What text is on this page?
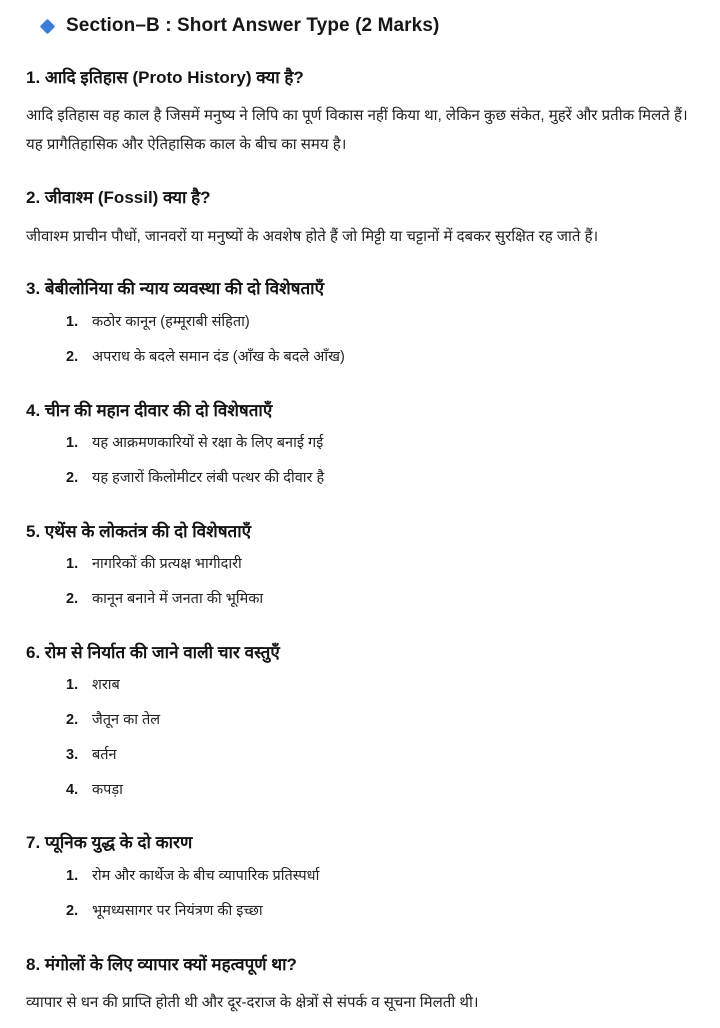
Section–B : Short Answer Type (2 Marks)
1. आदि इतिहास (Proto History) क्या है?

आदि इतिहास वह काल है जिसमें मनुष्य ने लिपि का पूर्ण विकास नहीं किया था, लेकिन कुछ संकेत, मुहरें और प्रतीक मिलते हैं। यह प्रागैतिहासिक और ऐतिहासिक काल के बीच का समय है।

2. जीवाश्म (Fossil) क्या है?

जीवाश्म प्राचीन पौधों, जानवरों या मनुष्यों के अवशेष होते हैं जो मिट्टी या चट्टानों में दबकर सुरक्षित रह जाते हैं।

3. बेबीलोनिया की न्याय व्यवस्था की दो विशेषताएँ
कठोर कानून (हम्मूराबी संहिता)
अपराध के बदले समान दंड (आँख के बदले आँख)
4. चीन की महान दीवार की दो विशेषताएँ
यह आक्रमणकारियों से रक्षा के लिए बनाई गई
यह हजारों किलोमीटर लंबी पत्थर की दीवार है
5. एथेंस के लोकतंत्र की दो विशेषताएँ
नागरिकों की प्रत्यक्ष भागीदारी
कानून बनाने में जनता की भूमिका
6. रोम से निर्यात की जाने वाली चार वस्तुएँ
शराब
जैतून का तेल
बर्तन
कपड़ा
7. प्यूनिक युद्ध के दो कारण
रोम और कार्थेज के बीच व्यापारिक प्रतिस्पर्धा
भूमध्यसागर पर नियंत्रण की इच्छा
8. मंगोलों के लिए व्यापार क्यों महत्वपूर्ण था?

व्यापार से धन की प्राप्ति होती थी और दूर-दराज के क्षेत्रों से संपर्क व सूचना मिलती थी।
